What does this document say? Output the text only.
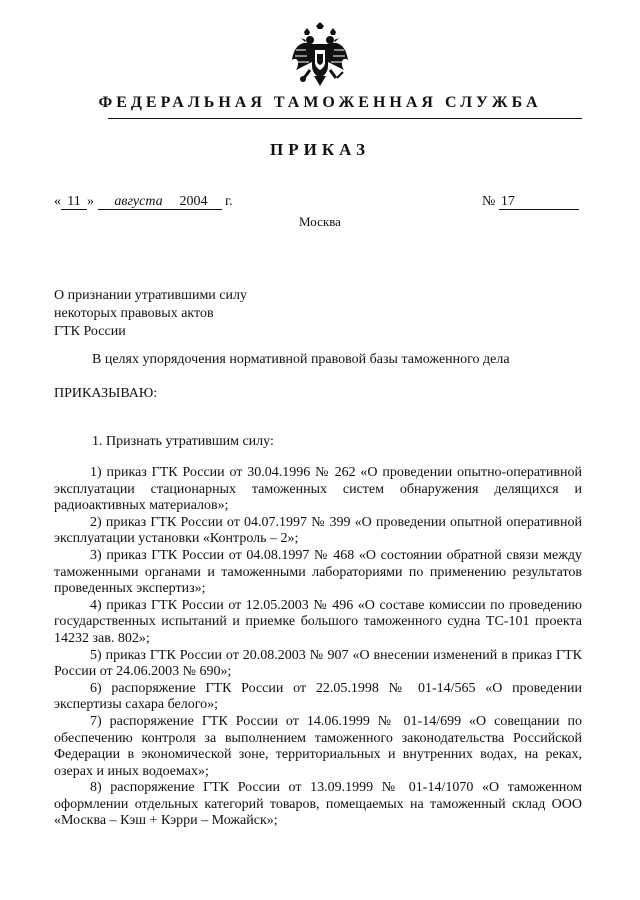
ФЕДЕРАЛЬНАЯ ТАМОЖЕННАЯ СЛУЖБА
ПРИКАЗ
« 11 » августа 2004 г.	№ 17
Москва
О признании утратившими силу
некоторых правовых актов
ГТК России
В целях упорядочения нормативной правовой базы таможенного дела
ПРИКАЗЫВАЮ:
1. Признать утратившим силу:

1) приказ ГТК России от 30.04.1996 № 262 «О проведении опытно-оперативной эксплуатации стационарных таможенных систем обнаружения делящихся и радиоактивных материалов»;

2) приказ ГТК России от 04.07.1997 № 399 «О проведении опытной оперативной эксплуатации установки «Контроль – 2»;

3) приказ ГТК России от 04.08.1997 № 468 «О состоянии обратной связи между таможенными органами и таможенными лабораториями по применению результатов проведенных экспертиз»;

4) приказ ГТК России от 12.05.2003 № 496 «О составе комиссии по проведению государственных испытаний и приемке большого таможенного судна ТС-101 проекта 14232 зав. 802»;

5) приказ ГТК России от 20.08.2003 № 907 «О внесении изменений в приказ ГТК России от 24.06.2003 № 690»;

6) распоряжение ГТК России от 22.05.1998 № 01-14/565 «О проведении экспертизы сахара белого»;

7) распоряжение ГТК России от 14.06.1999 № 01-14/699 «О совещании по обеспечению контроля за выполнением таможенного законодательства Российской Федерации в экономической зоне, территориальных и внутренних водах, на реках, озерах и иных водоемах»;

8) распоряжение ГТК России от 13.09.1999 № 01-14/1070 «О таможенном оформлении отдельных категорий товаров, помещаемых на таможенный склад ООО «Москва – Кэш + Кэрри – Можайск»;
